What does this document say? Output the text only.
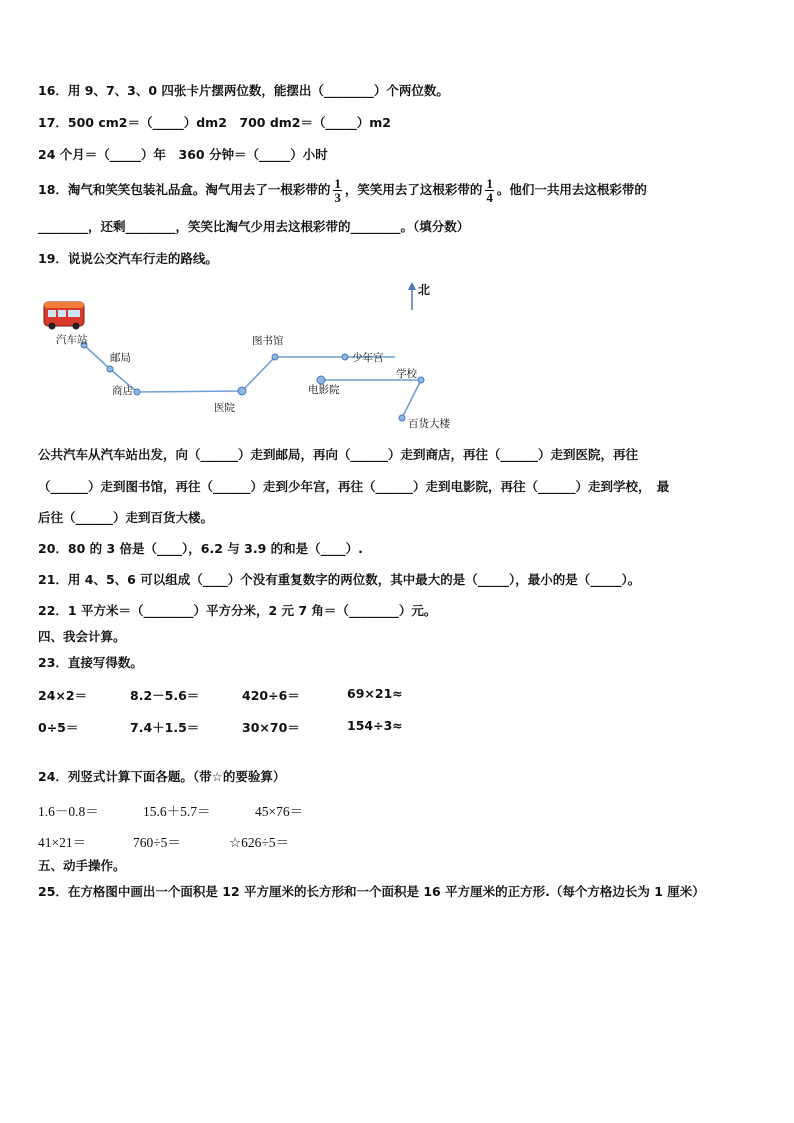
16．用 9、7、3、0 四张卡片摆两位数，能摆出（________）个两位数。
17．500 cm2＝（_____）dm2　700 dm2＝（_____）m2
24 个月＝（_____）年　360 分钟＝（_____）小时
18．淘气和笑笑包装礼品盒。淘气用去了一根彩带的 $\frac{1}{3}$ ，笑笑用去了这根彩带的 $\frac{1}{4}$ 。他们一共用去这根彩带的
________，还剩________，笑笑比淘气少用去这根彩带的________。（填分数）
19．说说公交汽车行走的路线。
北
汽车站
邮局
商店
医院
图书馆
少年宫
电影院
学校
百货大楼
公共汽车从汽车站出发，向（______）走到邮局，再向（______）走到商店，再往（______）走到医院，再往
（______）走到图书馆，再往（______）走到少年宫，再往（______）走到电影院，再往（______）走到学校，　最
后往（______）走到百货大楼。
20．80 的 3 倍是（____），6.2 与 3.9 的和是（____）.
21．用 4、5、6 可以组成（____）个没有重复数字的两位数，其中最大的是（_____），最小的是（_____）。
22．1 平方米＝（________）平方分米，2 元 7 角＝（________）元。
四、我会计算。
23．直接写得数。
24×2＝	8.2－5.6＝	420÷6＝	69×21≈
0÷5＝	7.4＋1.5＝	30×70＝	154÷3≈
24．列竖式计算下面各题。（带☆的要验算）
1.6－0.8＝	15.6＋5.7＝	45×76＝
41×21＝	760÷5＝	☆626÷5＝
五、动手操作。
25．在方格图中画出一个面积是 12 平方厘米的长方形和一个面积是 16 平方厘米的正方形.（每个方格边长为 1 厘米）
